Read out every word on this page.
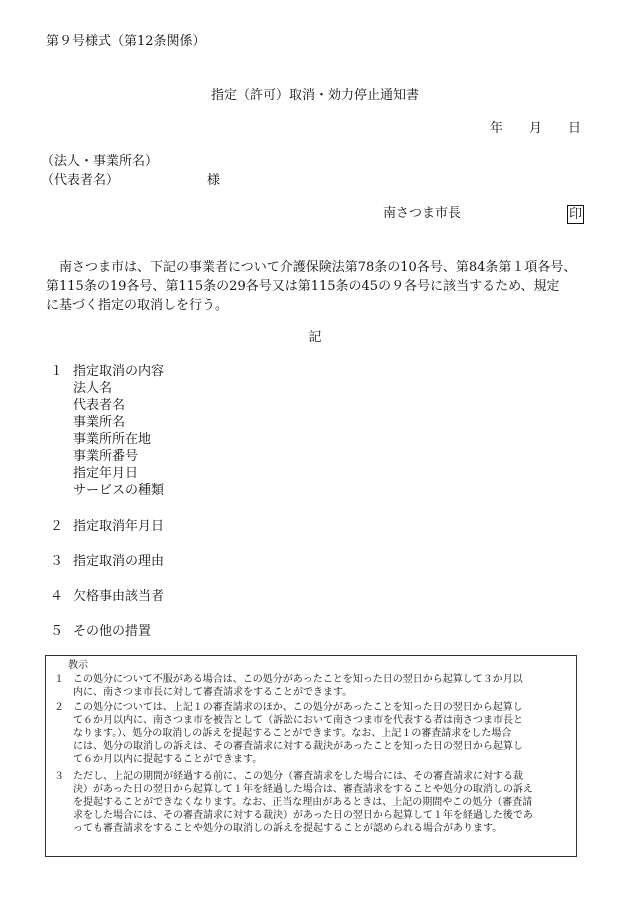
第９号様式（第12条関係）
指定（許可）取消・効力停止通知書
年 月 日
（法人・事業所名）
（代表者名）	様
南さつま市長	印

　南さつま市は、下記の事業者について介護保険法第78条の10各号、第84条第１項各号、

第115条の19各号、第115条の29各号又は第115条の45の９各号に該当するため、規定

に基づく指定の取消しを行う。

記
１ 指定取消の内容
法人名
代表者名
事業所名
事業所所在地
事業所番号
指定年月日
サービスの種類
２ 指定取消年月日
３ 指定取消の理由
４ 欠格事由該当者
５ その他の措置
教示
１ この処分について不服がある場合は、この処分があったことを知った日の翌日から起算して３か月以
内に、南さつま市長に対して審査請求をすることができます。
２ この処分については、上記１の審査請求のほか、この処分があったことを知った日の翌日から起算し
て６か月以内に、南さつま市を被告として（訴訟において南さつま市を代表する者は南さつま市長と
なります。）、処分の取消しの訴えを提起することができます。なお、上記１の審査請求をした場合
には、処分の取消しの訴えは、その審査請求に対する裁決があったことを知った日の翌日から起算し
て６か月以内に提起することができます。
３ ただし、上記の期間が経過する前に、この処分（審査請求をした場合には、その審査請求に対する裁
決）があった日の翌日から起算して１年を経過した場合は、審査請求をすることや処分の取消しの訴え
を提起することができなくなります。なお、正当な理由があるときは、上記の期間やこの処分（審査請
求をした場合には、その審査請求に対する裁決）があった日の翌日から起算して１年を経過した後であ
っても審査請求をすることや処分の取消しの訴えを提起することが認められる場合があります。
